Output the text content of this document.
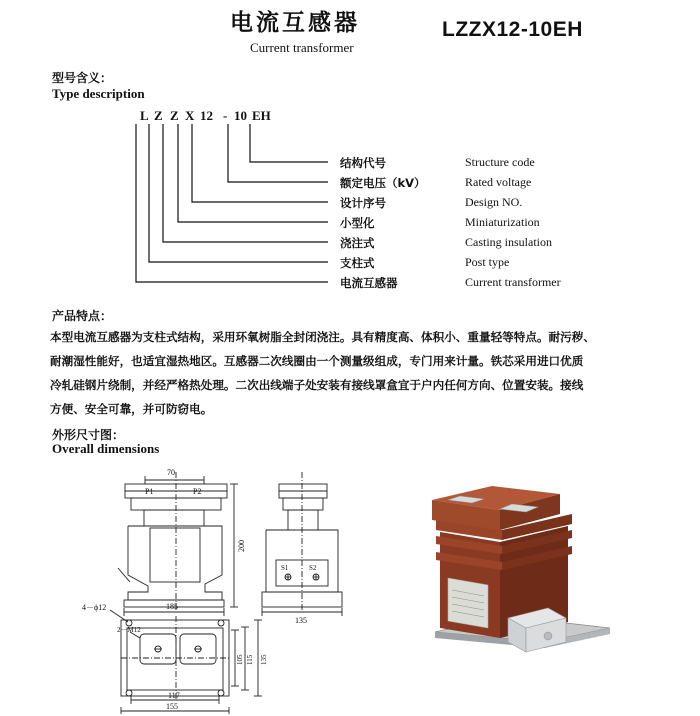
电流互感器
Current transformer
LZZX12-10EH
型号含义：
Type description
L Z Z X 12 - 10 EH
结构代号	Structure code
额定电压（kV）	Rated voltage
设计序号	Design NO.
小型化	Miniaturization
浇注式	Casting insulation
支柱式	Post type
电流互感器	Current transformer
产品特点：
本型电流互感器为支柱式结构，采用环氧树脂全封闭浇注。具有精度高、体积小、重量轻等特点。耐污秽、
耐潮湿性能好，也适宜湿热地区。互感器二次线圈由一个测量级组成，专门用来计量。铁芯采用进口优质
冷轧硅钢片绕制，并经严格热处理。二次出线端子处安装有接线罩盒宜于户内任何方向、位置安装。接线
方便、安全可靠，并可防窃电。
外形尺寸图：
Overall dimensions
70
P1	P2
200
185
135
S1	S2
4－ϕ12
2－M12
105 115 135
117
155
